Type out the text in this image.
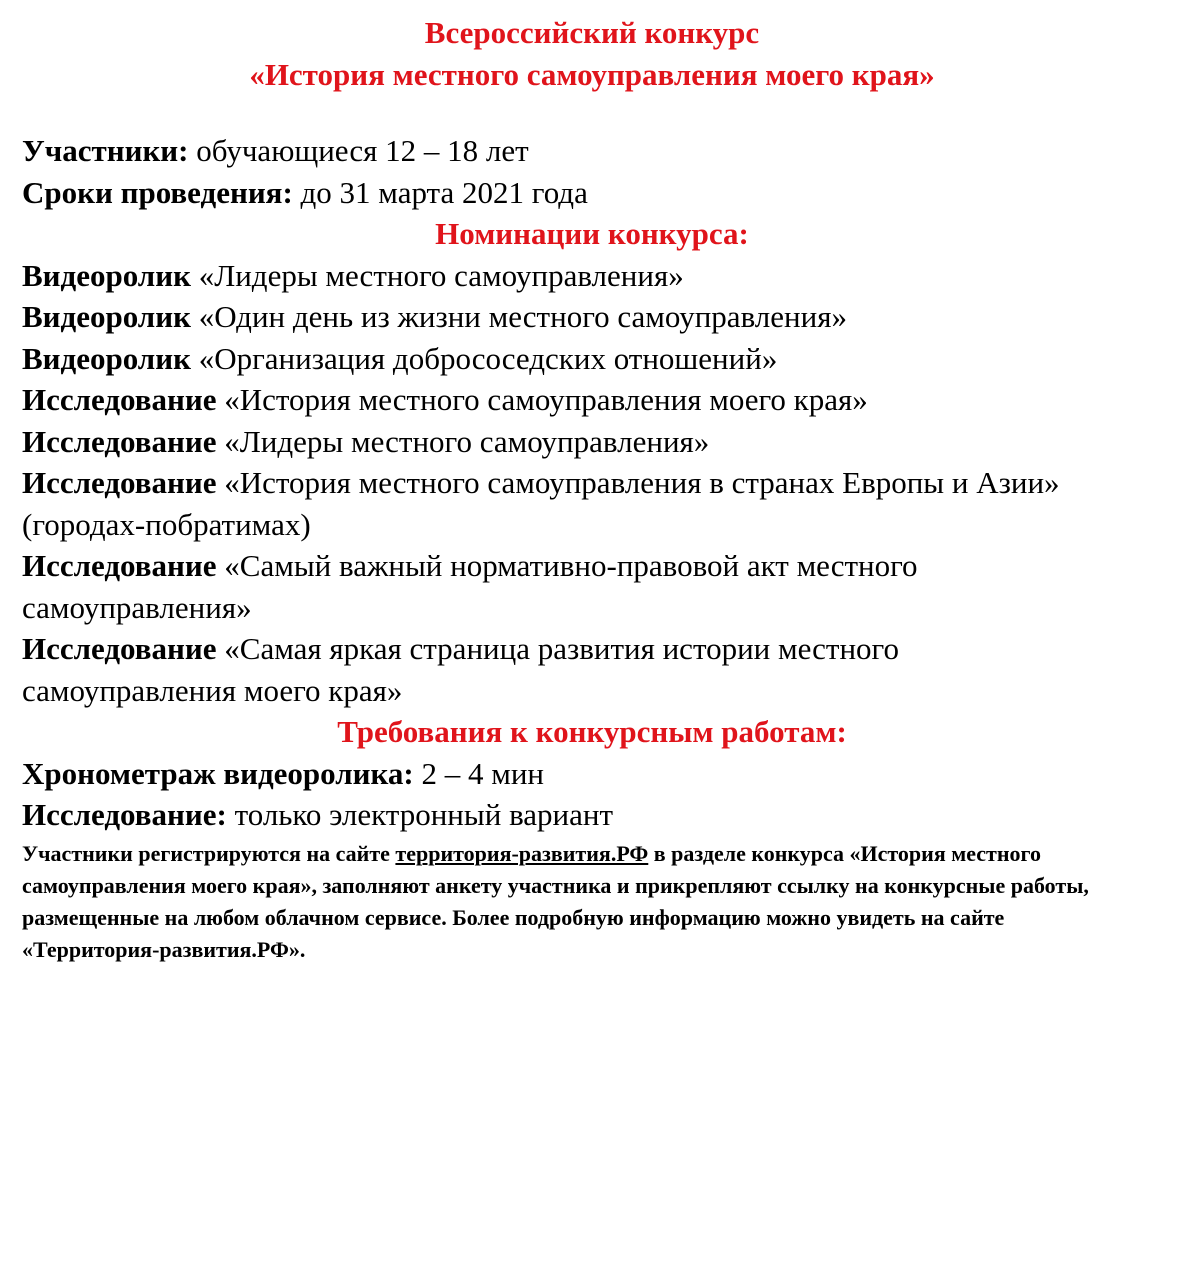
Всероссийский конкурс
«История местного самоуправления моего края»
Участники: обучающиеся 12 – 18 лет
Сроки проведения: до 31 марта 2021 года
Номинации конкурса:
Видеоролик «Лидеры местного самоуправления»
Видеоролик «Один день из жизни местного самоуправления»
Видеоролик «Организация добрососедских отношений»
Исследование «История местного самоуправления моего края»
Исследование «Лидеры местного самоуправления»
Исследование «История местного самоуправления в странах Европы и Азии» (городах-побратимах)
Исследование «Самый важный нормативно-правовой акт местного самоуправления»
Исследование «Самая яркая страница развития истории местного самоуправления моего края»
Требования к конкурсным работам:
Хронометраж видеоролика: 2 – 4 мин
Исследование: только электронный вариант
Участники регистрируются на сайте территория-развития.РФ в разделе конкурса «История местного самоуправления моего края», заполняют анкету участника и прикрепляют ссылку на конкурсные работы, размещенные на любом облачном сервисе. Более подробную информацию можно увидеть на сайте «Территория-развития.РФ».
